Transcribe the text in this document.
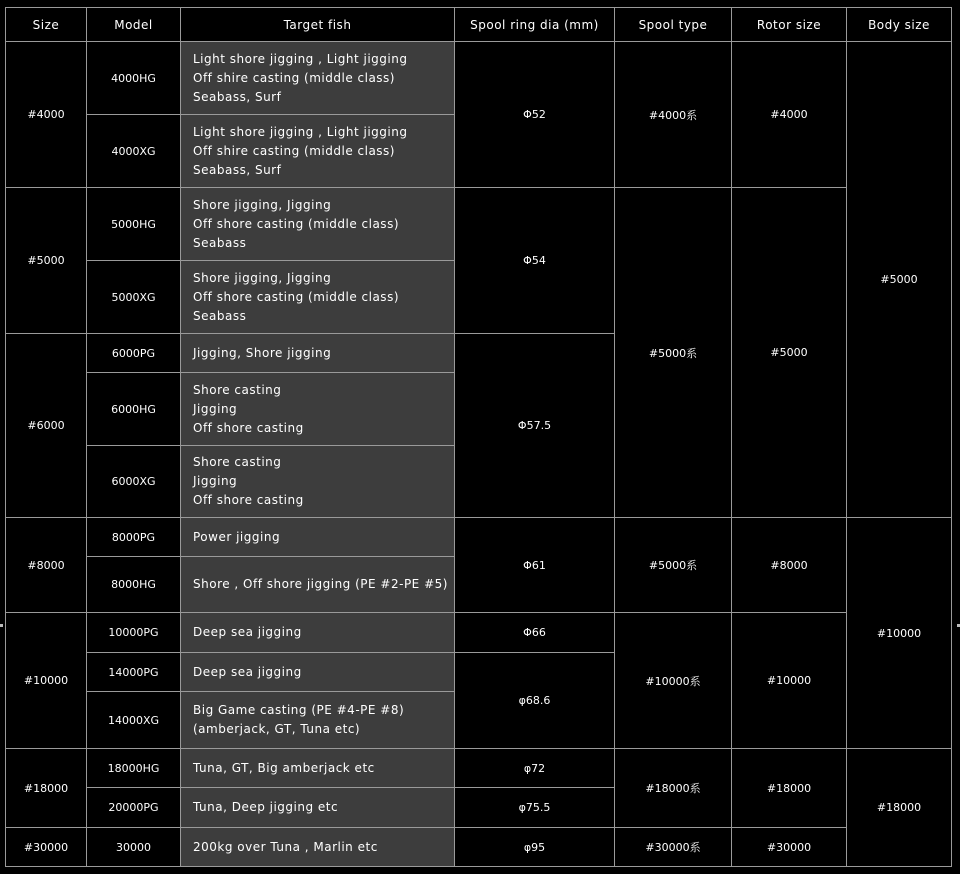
Size	Model	Target fish	Spool ring dia (mm)	Spool type	Rotor size	Body size
#4000	4000HG	Light shore jigging , Light jigging
Off shire casting (middle class)
Seabass, Surf	Φ52	#4000系	#4000	#5000
	4000XG	Light shore jigging , Light jigging
Off shire casting (middle class)
Seabass, Surf				

#5000	5000HG	Shore jigging, Jigging
Off shore casting (middle class)
Seabass	Φ54	#5000系	#5000	
	5000XG	Shore jigging, Jigging
Off shore casting (middle class)
Seabass				

#6000	6000PG	Jigging, Shore jigging	Φ57.5			
	6000HG	Shore casting
Jigging
Off shore casting				

	6000XG	Shore casting
Jigging
Off shore casting				

#8000	8000PG	Power jigging	Φ61	#5000系	#8000	#10000
	8000HG	Shore , Off shore jigging (PE #2-PE #5)				

#10000	10000PG	Deep sea jigging	Φ66	#10000系	#10000	
	14000PG	Deep sea jigging	φ68.6			
	14000XG	Big Game casting (PE #4-PE #8)
(amberjack, GT, Tuna etc)				

#18000	18000HG	Tuna, GT, Big amberjack etc	φ72	#18000系	#18000	#18000
	20000PG	Tuna, Deep jigging etc	φ75.5			
#30000	30000	200kg over Tuna , Marlin etc	φ95	#30000系	#30000	
